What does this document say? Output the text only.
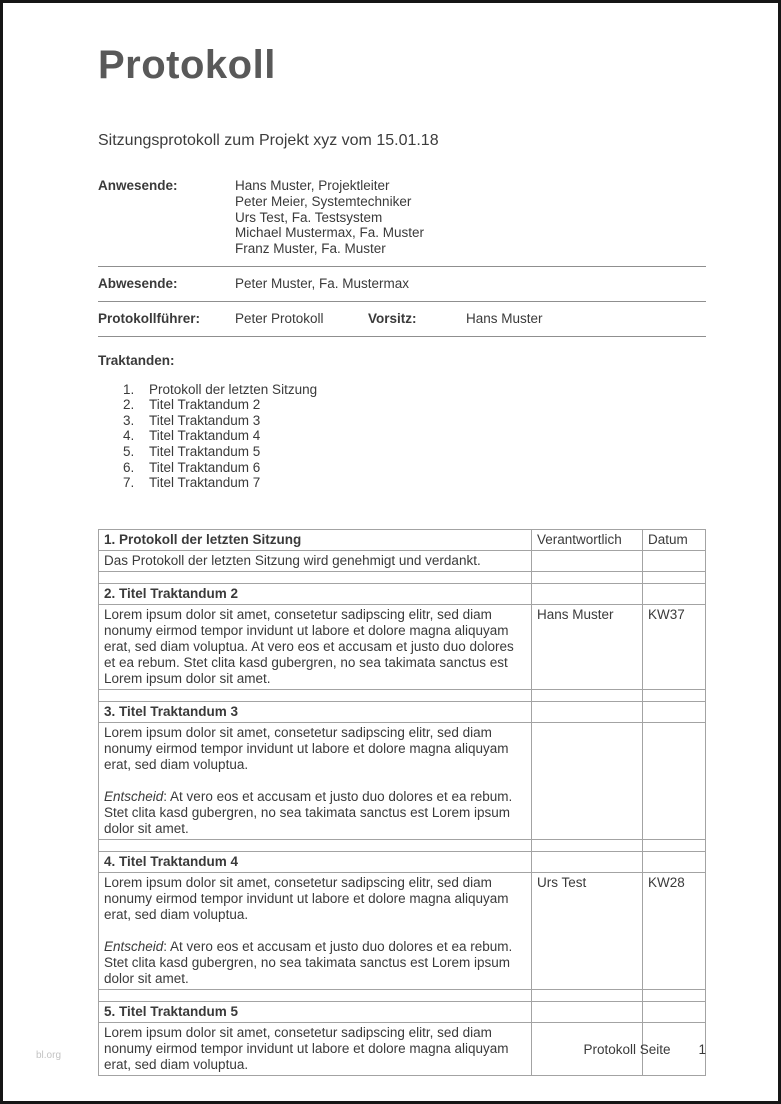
Protokoll
Sitzungsprotokoll zum Projekt xyz vom 15.01.18
Anwesende:	Hans Muster, Projektleiter
Peter Meier, Systemtechniker
Urs Test, Fa. Testsystem
Michael Mustermax, Fa. Muster
Franz Muster, Fa. Muster
Abwesende:	Peter Muster, Fa. Mustermax
Protokollführer:	Peter Protokoll	Vorsitz:	Hans Muster
Traktanden:
1.	Protokoll der letzten Sitzung
2.	Titel Traktandum 2
3.	Titel Traktandum 3
4.	Titel Traktandum 4
5.	Titel Traktandum 5
6.	Titel Traktandum 6
7.	Titel Traktandum 7
1. Protokoll der letzten Sitzung	Verantwortlich	Datum
Das Protokoll der letzten Sitzung wird genehmigt und verdankt.		

2. Titel Traktandum 2		

Lorem ipsum dolor sit amet, consetetur sadipscing elitr, sed diam nonumy eirmod tempor invidunt ut labore et dolore magna aliquyam erat, sed diam voluptua. At vero eos et accusam et justo duo dolores et ea rebum. Stet clita kasd gubergren, no sea takimata sanctus est Lorem ipsum dolor sit amet.	Hans Muster	KW37

3. Titel Traktandum 3		

Lorem ipsum dolor sit amet, consetetur sadipscing elitr, sed diam nonumy eirmod tempor invidunt ut labore et dolore magna aliquyam erat, sed diam voluptua.

Entscheid: At vero eos et accusam et justo duo dolores et ea rebum. Stet clita kasd gubergren, no sea takimata sanctus est Lorem ipsum dolor sit amet.		

4. Titel Traktandum 4		

Lorem ipsum dolor sit amet, consetetur sadipscing elitr, sed diam nonumy eirmod tempor invidunt ut labore et dolore magna aliquyam erat, sed diam voluptua.

Entscheid: At vero eos et accusam et justo duo dolores et ea rebum. Stet clita kasd gubergren, no sea takimata sanctus est Lorem ipsum dolor sit amet.	Urs Test	KW28

5. Titel Traktandum 5		

Lorem ipsum dolor sit amet, consetetur sadipscing elitr, sed diam nonumy eirmod tempor invidunt ut labore et dolore magna aliquyam erat, sed diam voluptua.		

bl.org	Protokoll Seite 1
